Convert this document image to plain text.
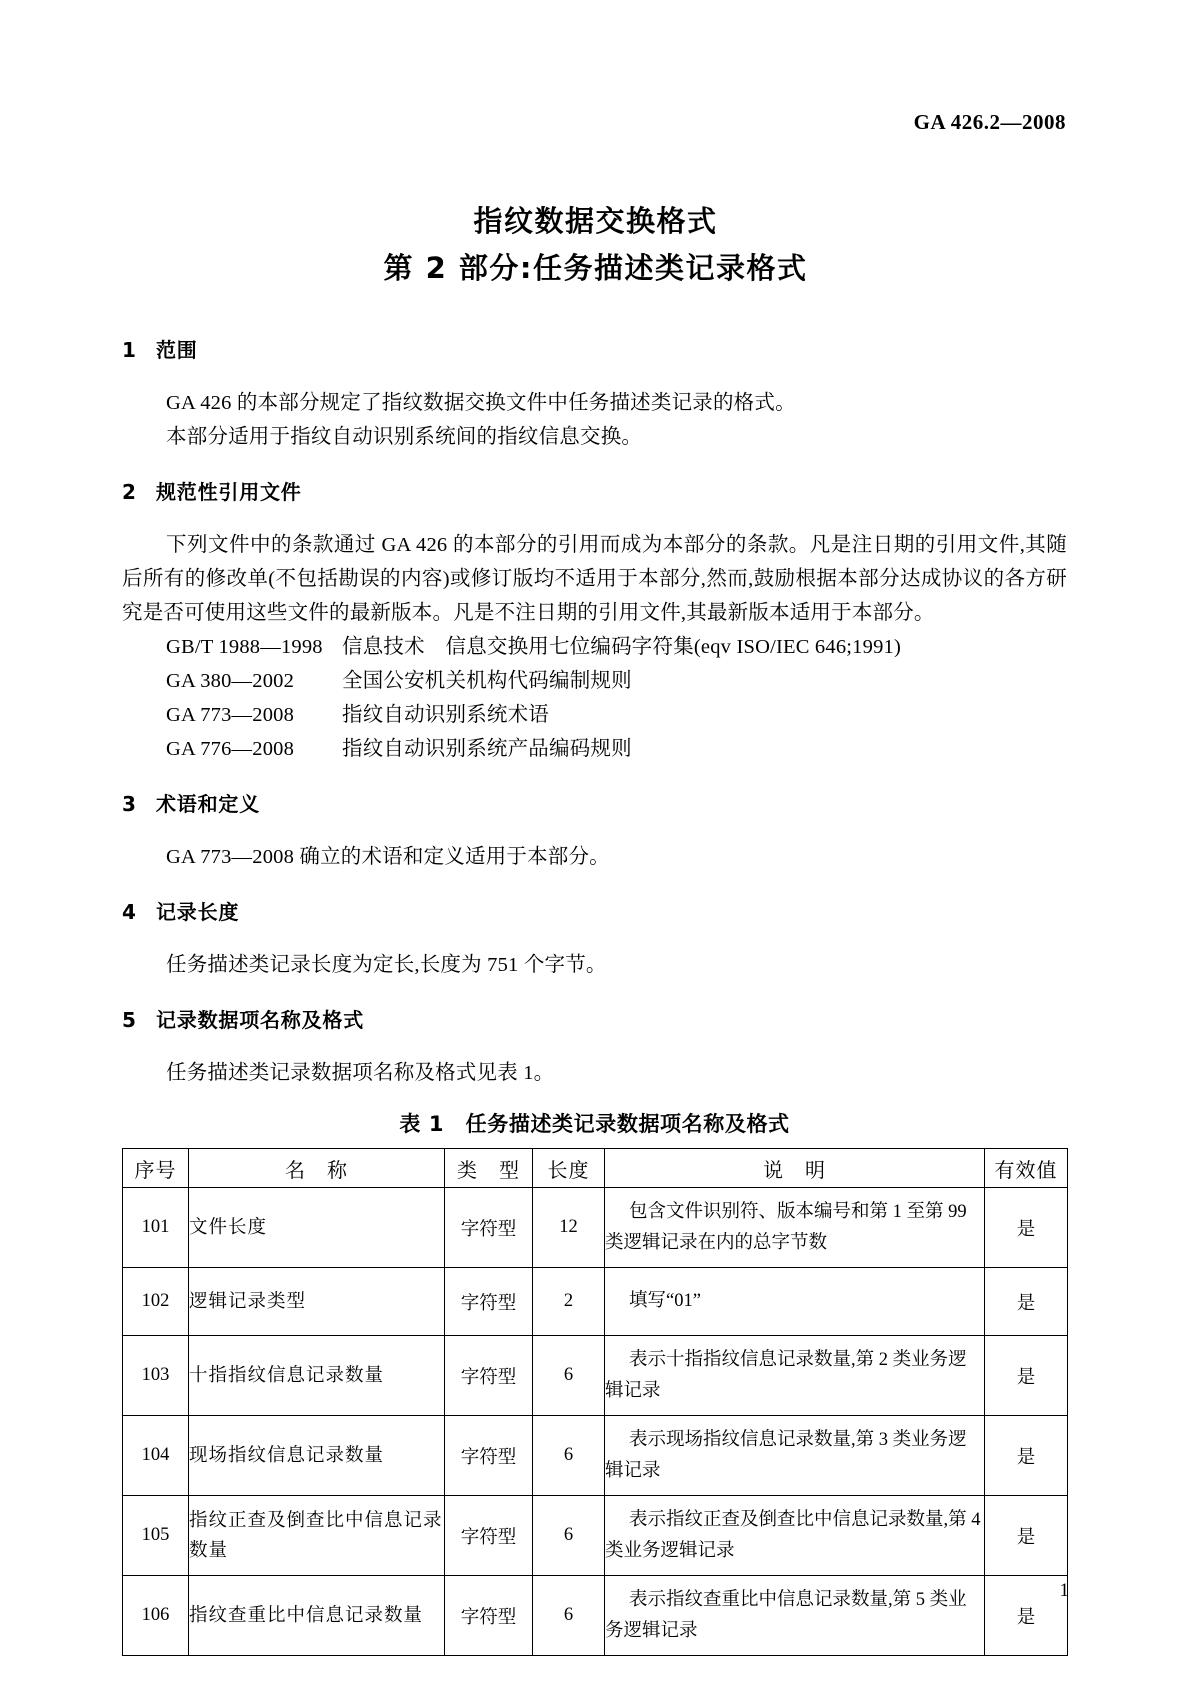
GA 426.2—2008
指纹数据交换格式
第 2 部分:任务描述类记录格式
1 范围

GA 426 的本部分规定了指纹数据交换文件中任务描述类记录的格式。

本部分适用于指纹自动识别系统间的指纹信息交换。

2 规范性引用文件

下列文件中的条款通过 GA 426 的本部分的引用而成为本部分的条款。凡是注日期的引用文件,其随后所有的修改单(不包括勘误的内容)或修订版均不适用于本部分,然而,鼓励根据本部分达成协议的各方研究是否可使用这些文件的最新版本。凡是不注日期的引用文件,其最新版本适用于本部分。

GB/T 1988—1998 信息技术　信息交换用七位编码字符集(eqv ISO/IEC 646;1991)

GA 380—2002 全国公安机关机构代码编制规则

GA 773—2008 指纹自动识别系统术语

GA 776—2008 指纹自动识别系统产品编码规则

3 术语和定义

GA 773—2008 确立的术语和定义适用于本部分。

4 记录长度

任务描述类记录长度为定长,长度为 751 个字节。

5 记录数据项名称及格式

任务描述类记录数据项名称及格式见表 1。

表 1　任务描述类记录数据项名称及格式
序号	名　称	类　型	长度	说　明	有效值
101	文件长度	字符型	12	包含文件识别符、版本编号和第 1 至第 99 类逻辑记录在内的总字节数	是
102	逻辑记录类型	字符型	2	填写“01”	是
103	十指指纹信息记录数量	字符型	6	表示十指指纹信息记录数量,第 2 类业务逻辑记录	是
104	现场指纹信息记录数量	字符型	6	表示现场指纹信息记录数量,第 3 类业务逻辑记录	是
105	指纹正查及倒查比中信息记录数量	字符型	6	表示指纹正查及倒查比中信息记录数量,第 4 类业务逻辑记录	是
106	指纹查重比中信息记录数量	字符型	6	表示指纹查重比中信息记录数量,第 5 类业务逻辑记录	是
1
